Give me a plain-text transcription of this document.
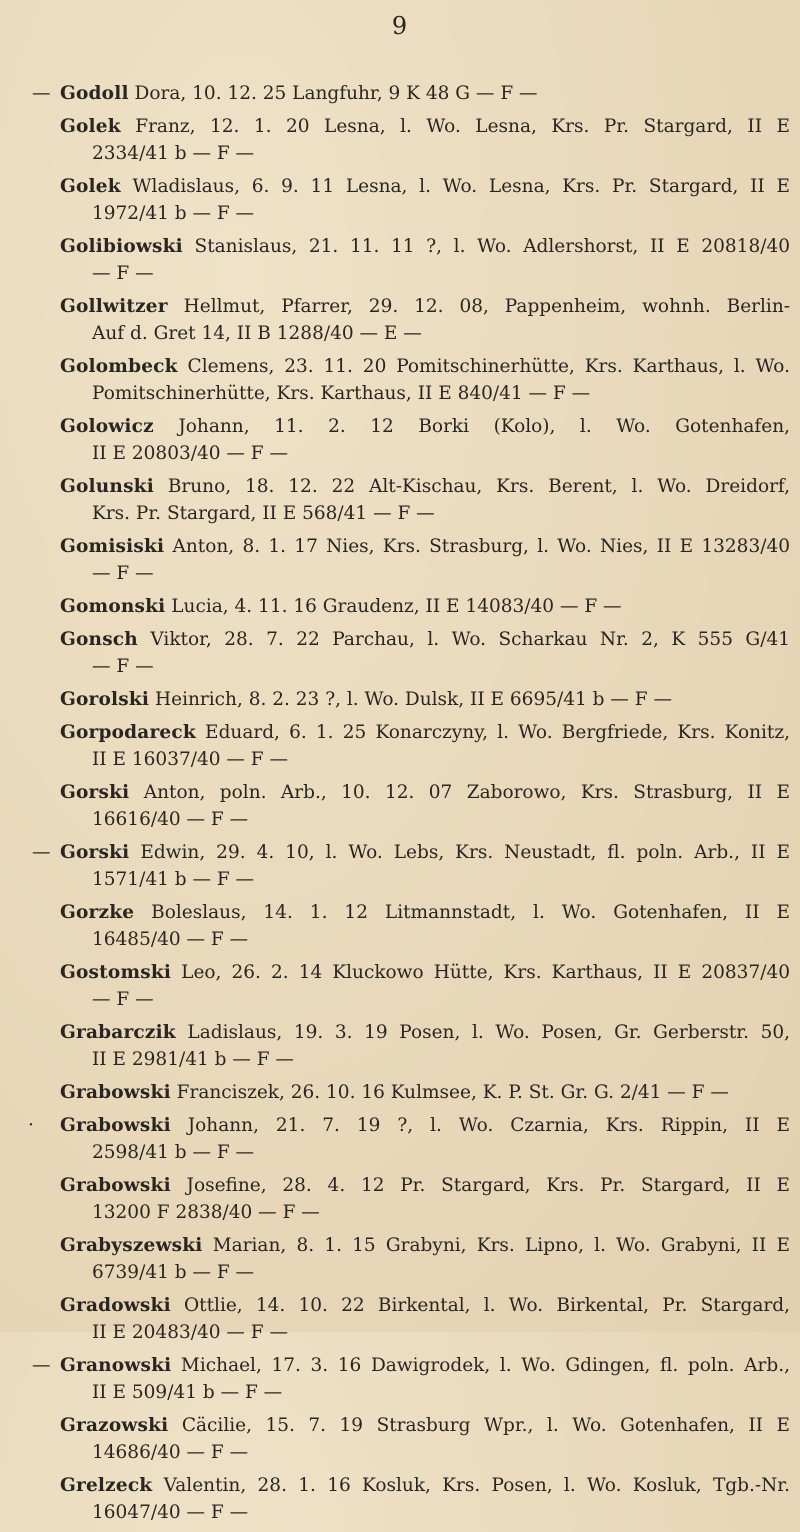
9
— Godoll Dora, 10. 12. 25 Langfuhr, 9 K 48 G — F —
Golek Franz, 12. 1. 20 Lesna, l. Wo. Lesna, Krs. Pr. Stargard, II E
2334/41 b — F —
Golek Wladislaus, 6. 9. 11 Lesna, l. Wo. Lesna, Krs. Pr. Stargard, II E
1972/41 b — F —
Golibiowski Stanislaus, 21. 11. 11 ?, l. Wo. Adlershorst, II E 20818/40
— F —
Gollwitzer Hellmut, Pfarrer, 29. 12. 08, Pappenheim, wohnh. Berlin-
Auf d. Gret 14, II B 1288/40 — E —
Golombeck Clemens, 23. 11. 20 Pomitschinerhütte, Krs. Karthaus, l. Wo.
Pomitschinerhütte, Krs. Karthaus, II E 840/41 — F —
Golowicz Johann, 11. 2. 12 Borki (Kolo), l. Wo. Gotenhafen,
II E 20803/40 — F —
Golunski Bruno, 18. 12. 22 Alt-Kischau, Krs. Berent, l. Wo. Dreidorf,
Krs. Pr. Stargard, II E 568/41 — F —
Gomisiski Anton, 8. 1. 17 Nies, Krs. Strasburg, l. Wo. Nies, II E 13283/40
— F —
Gomonski Lucia, 4. 11. 16 Graudenz, II E 14083/40 — F —
Gonsch Viktor, 28. 7. 22 Parchau, l. Wo. Scharkau Nr. 2, K 555 G/41
— F —
Gorolski Heinrich, 8. 2. 23 ?, l. Wo. Dulsk, II E 6695/41 b — F —
Gorpodareck Eduard, 6. 1. 25 Konarczyny, l. Wo. Bergfriede, Krs. Konitz,
II E 16037/40 — F —
Gorski Anton, poln. Arb., 10. 12. 07 Zaborowo, Krs. Strasburg, II E
16616/40 — F —
— Gorski Edwin, 29. 4. 10, l. Wo. Lebs, Krs. Neustadt, fl. poln. Arb., II E
1571/41 b — F —
Gorzke Boleslaus, 14. 1. 12 Litmannstadt, l. Wo. Gotenhafen, II E
16485/40 — F —
Gostomski Leo, 26. 2. 14 Kluckowo Hütte, Krs. Karthaus, II E 20837/40
— F —
Grabarczik Ladislaus, 19. 3. 19 Posen, l. Wo. Posen, Gr. Gerberstr. 50,
II E 2981/41 b — F —
Grabowski Franciszek, 26. 10. 16 Kulmsee, K. P. St. Gr. G. 2/41 — F —
·	Grabowski Johann, 21. 7. 19 ?, l. Wo. Czarnia, Krs. Rippin, II E
2598/41 b — F —
Grabowski Josefine, 28. 4. 12 Pr. Stargard, Krs. Pr. Stargard, II E
13200 F 2838/40 — F —
Grabyszewski Marian, 8. 1. 15 Grabyni, Krs. Lipno, l. Wo. Grabyni, II E
6739/41 b — F —
Gradowski Ottlie, 14. 10. 22 Birkental, l. Wo. Birkental, Pr. Stargard,
II E 20483/40 — F —
— Granowski Michael, 17. 3. 16 Dawigrodek, l. Wo. Gdingen, fl. poln. Arb.,
II E 509/41 b — F —
Grazowski Cäcilie, 15. 7. 19 Strasburg Wpr., l. Wo. Gotenhafen, II E
14686/40 — F —
Grelzeck Valentin, 28. 1. 16 Kosluk, Krs. Posen, l. Wo. Kosluk, Tgb.-Nr.
16047/40 — F —
